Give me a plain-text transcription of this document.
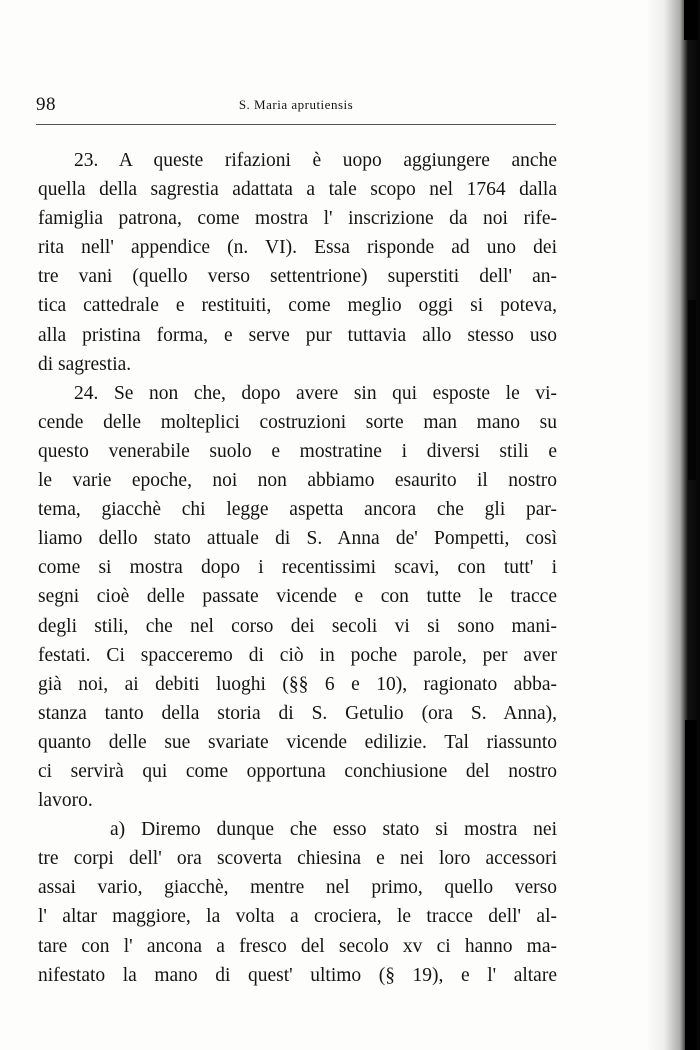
98	S. Maria aprutiensis
23. A queste rifazioni è uopo aggiungere anche
quella della sagrestia adattata a tale scopo nel 1764 dalla
famiglia patrona, come mostra l' inscrizione da noi rife-
rita nell' appendice (n. VI). Essa risponde ad uno dei
tre vani (quello verso settentrione) superstiti dell' an-
tica cattedrale e restituiti, come meglio oggi si poteva,
alla pristina forma, e serve pur tuttavia allo stesso uso
di sagrestia.
24. Se non che, dopo avere sin qui esposte le vi-
cende delle molteplici costruzioni sorte man mano su
questo venerabile suolo e mostratine i diversi stili e
le varie epoche, noi non abbiamo esaurito il nostro
tema, giacchè chi legge aspetta ancora che gli par-
liamo dello stato attuale di S. Anna de' Pompetti, così
come si mostra dopo i recentissimi scavi, con tutt' i
segni cioè delle passate vicende e con tutte le tracce
degli stili, che nel corso dei secoli vi si sono mani-
festati. Ci spacceremo di ciò in poche parole, per aver
già noi, ai debiti luoghi (§§ 6 e 10), ragionato abba-
stanza tanto della storia di S. Getulio (ora S. Anna),
quanto delle sue svariate vicende edilizie. Tal riassunto
ci servirà qui come opportuna conchiusione del nostro
lavoro.
a) Diremo dunque che esso stato si mostra nei
tre corpi dell' ora scoverta chiesina e nei loro accessori
assai vario, giacchè, mentre nel primo, quello verso
l' altar maggiore, la volta a crociera, le tracce dell' al-
tare con l' ancona a fresco del secolo xv ci hanno ma-
nifestato la mano di quest' ultimo (§ 19), e l' altare
